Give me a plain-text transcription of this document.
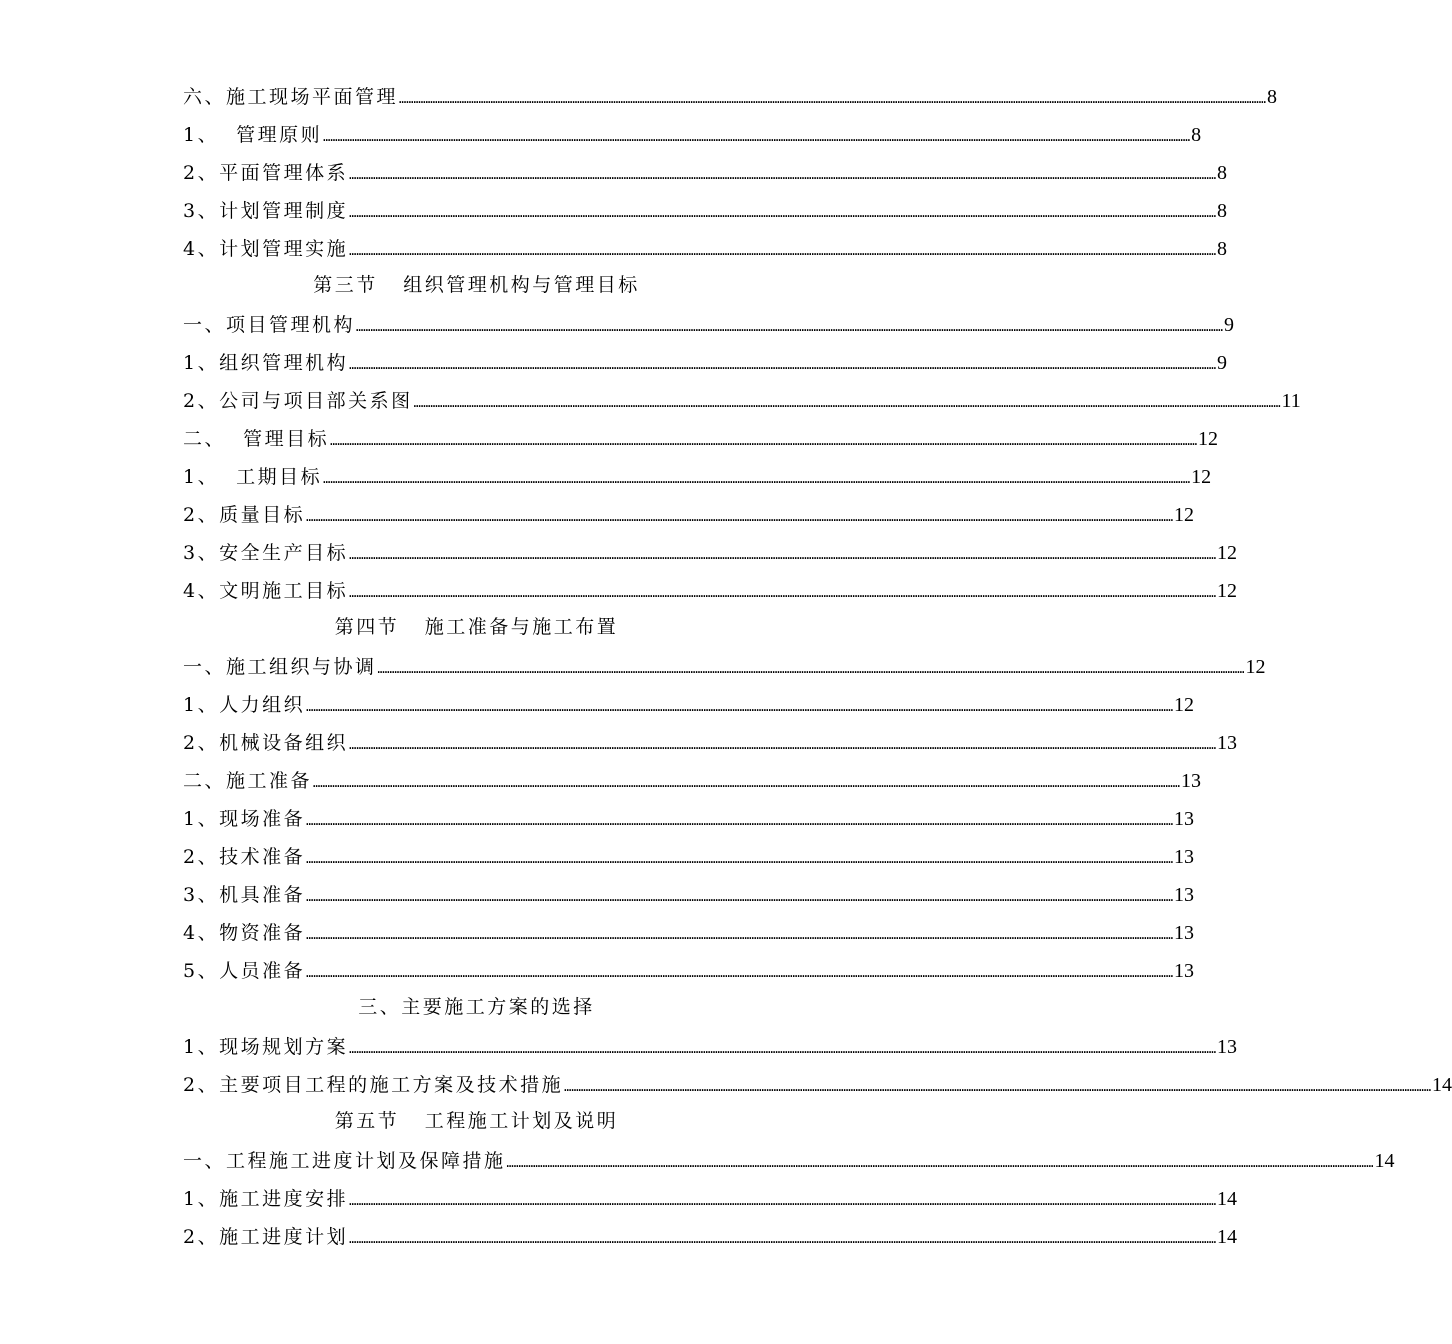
六、施工现场平面管理 ……………………………………………………………………………………………………………………………………………………………………………………………………………………………………………………………………………………………………………………………… 8
1、  管理原则 ……………………………………………………………………………………………………………………………………………………………………………………………………………………………………………………………………………………………………………………………… 8
2、平面管理体系 ……………………………………………………………………………………………………………………………………………………………………………………………………………………………………………………………………………………………………………………………… 8
3、计划管理制度 ……………………………………………………………………………………………………………………………………………………………………………………………………………………………………………………………………………………………………………………………… 8
4、计划管理实施 ……………………………………………………………………………………………………………………………………………………………………………………………………………………………………………………………………………………………………………………………… 8
第三节   组织管理机构与管理目标
一、项目管理机构 ……………………………………………………………………………………………………………………………………………………………………………………………………………………………………………………………………………………………………………………………… 9
1、组织管理机构 ……………………………………………………………………………………………………………………………………………………………………………………………………………………………………………………………………………………………………………………………… 9
2、公司与项目部关系图 ……………………………………………………………………………………………………………………………………………………………………………………………………………………………………………………………………………………………………………………………… 11
二、  管理目标 ……………………………………………………………………………………………………………………………………………………………………………………………………………………………………………………………………………………………………………………………… 12
1、  工期目标 ……………………………………………………………………………………………………………………………………………………………………………………………………………………………………………………………………………………………………………………………… 12
2、质量目标 ……………………………………………………………………………………………………………………………………………………………………………………………………………………………………………………………………………………………………………………………… 12
3、安全生产目标 ……………………………………………………………………………………………………………………………………………………………………………………………………………………………………………………………………………………………………………………………… 12
4、文明施工目标 ……………………………………………………………………………………………………………………………………………………………………………………………………………………………………………………………………………………………………………………………… 12
第四节   施工准备与施工布置
一、施工组织与协调 ……………………………………………………………………………………………………………………………………………………………………………………………………………………………………………………………………………………………………………………………… 12
1、人力组织 ……………………………………………………………………………………………………………………………………………………………………………………………………………………………………………………………………………………………………………………………… 12
2、机械设备组织 ……………………………………………………………………………………………………………………………………………………………………………………………………………………………………………………………………………………………………………………………… 13
二、施工准备 ……………………………………………………………………………………………………………………………………………………………………………………………………………………………………………………………………………………………………………………………… 13
1、现场准备 ……………………………………………………………………………………………………………………………………………………………………………………………………………………………………………………………………………………………………………………………… 13
2、技术准备 ……………………………………………………………………………………………………………………………………………………………………………………………………………………………………………………………………………………………………………………………… 13
3、机具准备 ……………………………………………………………………………………………………………………………………………………………………………………………………………………………………………………………………………………………………………………………… 13
4、物资准备 ……………………………………………………………………………………………………………………………………………………………………………………………………………………………………………………………………………………………………………………………… 13
5、人员准备 ……………………………………………………………………………………………………………………………………………………………………………………………………………………………………………………………………………………………………………………………… 13
三、主要施工方案的选择
1、现场规划方案 ……………………………………………………………………………………………………………………………………………………………………………………………………………………………………………………………………………………………………………………………… 13
2、主要项目工程的施工方案及技术措施 ……………………………………………………………………………………………………………………………………………………………………………………………………………………………………………………………………………………………………………………………… 14
第五节   工程施工计划及说明
一、工程施工进度计划及保障措施 ……………………………………………………………………………………………………………………………………………………………………………………………………………………………………………………………………………………………………………………………… 14
1、施工进度安排 ……………………………………………………………………………………………………………………………………………………………………………………………………………………………………………………………………………………………………………………………… 14
2、施工进度计划 ……………………………………………………………………………………………………………………………………………………………………………………………………………………………………………………………………………………………………………………………… 14
